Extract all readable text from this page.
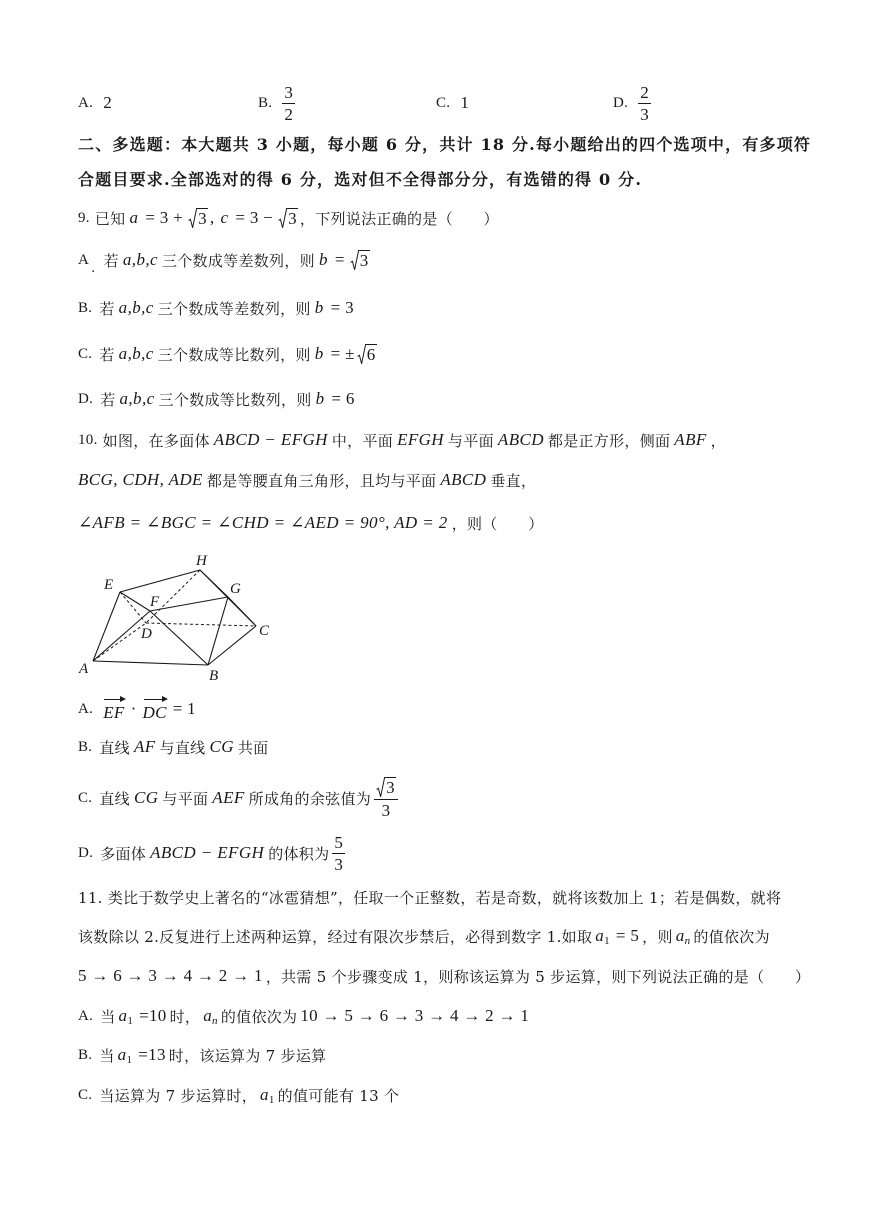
A. 2	B. $\frac{3}{2}$	C. 1	D. $\frac{2}{3}$
二、多选题：本大题共 3 小题，每小题 6 分，共计 18 分.每小题给出的四个选项中，有多项符
合题目要求.全部选对的得 6 分，选对但不全得部分分，有选错的得 0 分.
9. 已知 a = 3 + 3 , c = 3 − 3 ，下列说法正确的是（　　）
A
. 若 a,b,c 三个数成等差数列，则 b = 3
B. 若 a,b,c 三个数成等差数列，则 b = 3
C. 若 a,b,c 三个数成等比数列，则 b = ± 6
D. 若 a,b,c 三个数成等比数列，则 b = 6
10. 如图，在多面体 ABCD − EFGH 中，平面 EFGH 与平面 ABCD 都是正方形，侧面 ABF ，
BCG, CDH, ADE 都是等腰直角三角形，且均与平面 ABCD 垂直，
∠AFB = ∠BGC = ∠CHD = ∠AED = 90°, AD = 2 ，则（　　）
H
E	G
F
D	C
A	B
A. EF · DC = 1
B. 直线 AF 与直线 CG 共面
C. 直线 CG 与平面 AEF 所成角的余弦值为 $\frac{3}{3}$
D. 多面体 ABCD − EFGH 的体积为 $\frac{5}{3}$
11. 类比于数学史上著名的“冰雹猜想”，任取一个正整数，若是奇数，就将该数加上 1；若是偶数，就将
该数除以 2.反复进行上述两种运算，经过有限次步禁后，必得到数字 1.如取 $a_1 = 5$ ，则 $a_n$ 的值依次为
5 → 6 → 3 → 4 → 2 → 1 ，共需 5 个步骤变成 1，则称该运算为 5 步运算，则下列说法正确的是（　　）
A. 当 $a_1 =10$ 时， $a_n$ 的值依次为 10 → 5 → 6 → 3 → 4 → 2 → 1
B. 当 $a_1 =13$ 时，该运算为 7 步运算
C. 当运算为 7 步运算时， $a_1$ 的值可能有 13 个
